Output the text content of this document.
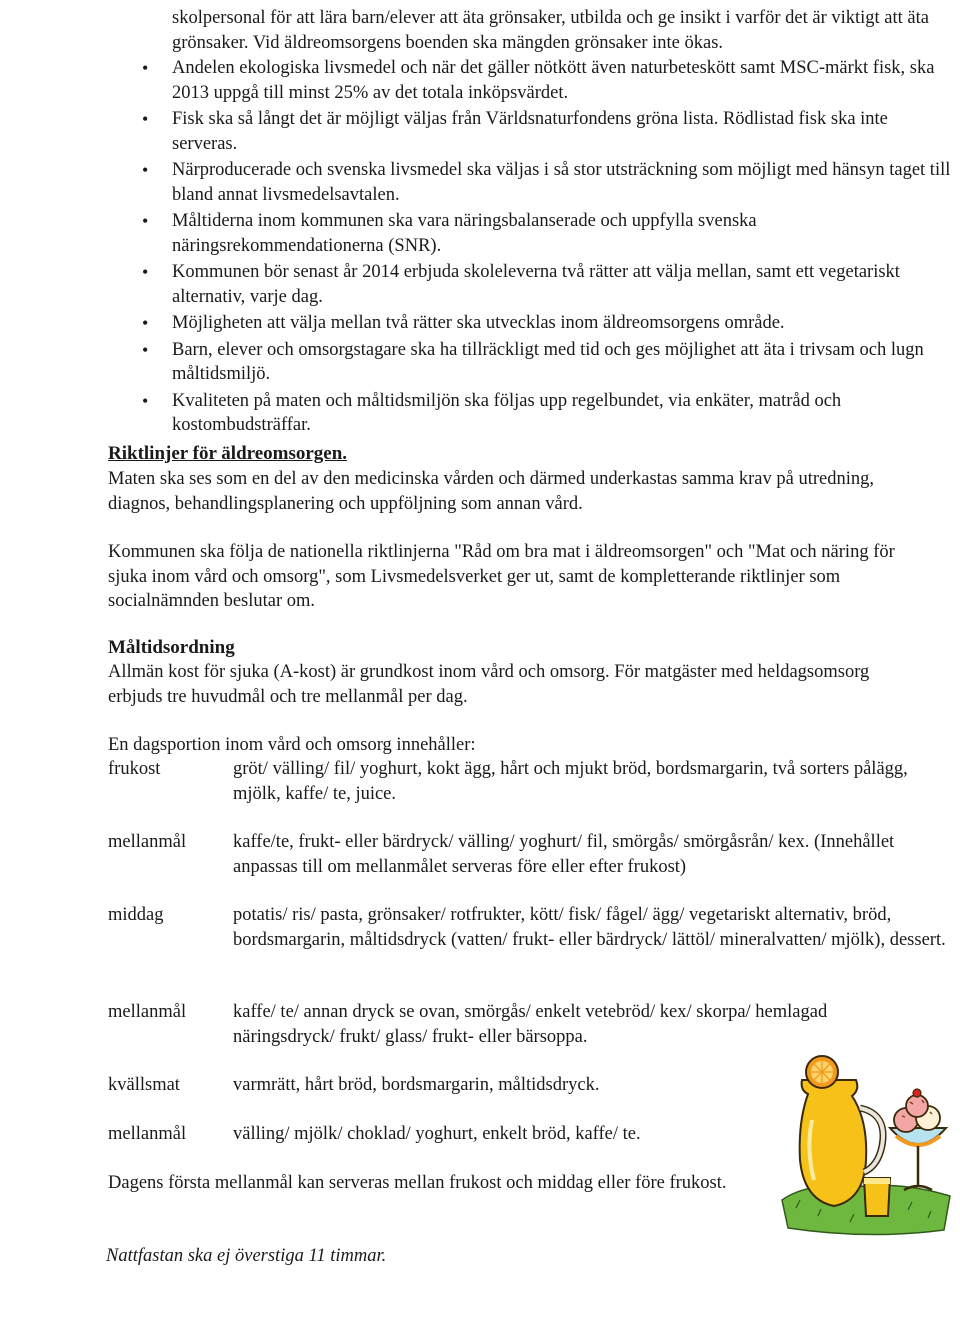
skolpersonal för att lära barn/elever att äta grönsaker, utbilda och ge insikt i varför det är viktigt att äta grönsaker. Vid äldreomsorgens boenden ska mängden grönsaker inte ökas.

• Andelen ekologiska livsmedel och när det gäller nötkött även naturbeteskött samt MSC-märkt fisk, ska 2013 uppgå till minst 25% av det totala inköpsvärdet.
• Fisk ska så långt det är möjligt väljas från Världsnaturfondens gröna lista. Rödlistad fisk ska inte serveras.
• Närproducerade och svenska livsmedel ska väljas i så stor utsträckning som möjligt med hänsyn taget till bland annat livsmedelsavtalen.
• Måltiderna inom kommunen ska vara näringsbalanserade och uppfylla svenska näringsrekommendationerna (SNR).
• Kommunen bör senast år 2014 erbjuda skoleleverna två rätter att välja mellan, samt ett vegetariskt alternativ, varje dag.
• Möjligheten att välja mellan två rätter ska utvecklas inom äldreomsorgens område.
• Barn, elever och omsorgstagare ska ha tillräckligt med tid och ges möjlighet att äta i trivsam och lugn måltidsmiljö.
• Kvaliteten på maten och måltidsmiljön ska följas upp regelbundet, via enkäter, matråd och kostombudsträffar.

Riktlinjer för äldreomsorgen.

Maten ska ses som en del av den medicinska vården och därmed underkastas samma krav på utredning, diagnos, behandlingsplanering och uppföljning som annan vård.

Kommunen ska följa de nationella riktlinjerna "Råd om bra mat i äldreomsorgen" och "Mat och näring för sjuka inom vård och omsorg", som Livsmedelsverket ger ut, samt de kompletterande riktlinjer som socialnämnden beslutar om.

Måltidsordning

Allmän kost för sjuka (A-kost) är grundkost inom vård och omsorg. För matgäster med heldagsomsorg erbjuds tre huvudmål och tre mellanmål per dag.

En dagsportion inom vård och omsorg innehåller:

frukost	gröt/ välling/ fil/ yoghurt, kokt ägg, hårt och mjukt bröd, bordsmargarin, två sorters pålägg, mjölk, kaffe/ te, juice.

mellanmål	kaffe/te, frukt- eller bärdryck/ välling/ yoghurt/ fil, smörgås/ smörgåsrån/ kex. (Innehållet anpassas till om mellanmålet serveras före eller efter frukost)

middag	potatis/ ris/ pasta, grönsaker/ rotfrukter, kött/ fisk/ fågel/ ägg/ vegetariskt alternativ, bröd, bordsmargarin, måltidsdryck (vatten/ frukt- eller bärdryck/ lättöl/ mineralvatten/ mjölk), dessert.

mellanmål	kaffe/ te/ annan dryck se ovan, smörgås/ enkelt vetebröd/ kex/ skorpa/ hemlagad näringsdryck/ frukt/ glass/ frukt- eller bärsoppa.

kvällsmat	varmrätt, hårt bröd, bordsmargarin, måltidsdryck.

mellanmål	välling/ mjölk/ choklad/ yoghurt, enkelt bröd, kaffe/ te.

Dagens första mellanmål kan serveras mellan frukost och middag eller före frukost.

Nattfastan ska ej överstiga 11 timmar.
